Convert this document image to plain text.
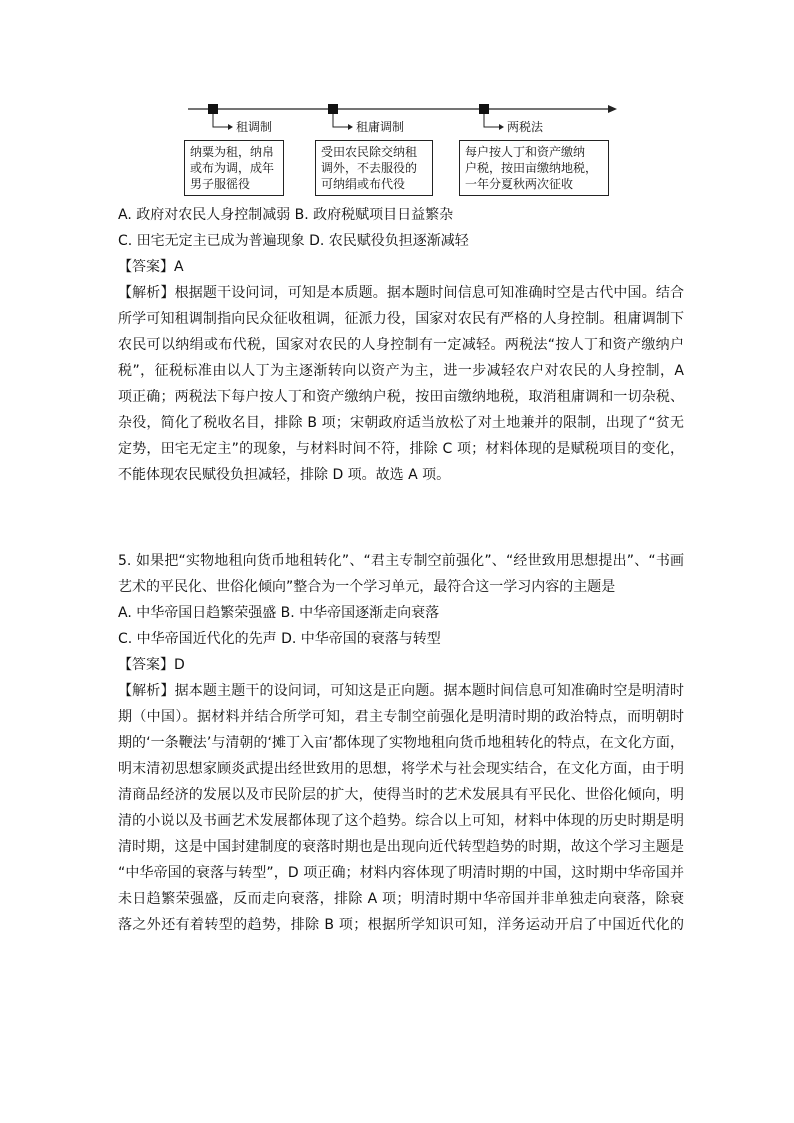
租调制	租庸调制	两税法
纳粟为租，纳帛
或布为调，成年
男子服徭役
受田农民除交纳租
调外，不去服役的
可纳绢或布代役
每户按人丁和资产缴纳
户税，按田亩缴纳地税，
一年分夏秋两次征收
A. 政府对农民人身控制减弱 B. 政府税赋项目日益繁杂
C. 田宅无定主已成为普遍现象 D. 农民赋役负担逐渐减轻
【答案】A
【解析】根据题干设问词，可知是本质题。据本题时间信息可知准确时空是古代中国。结合
所学可知租调制指向民众征收租调，征派力役，国家对农民有严格的人身控制。租庸调制下
农民可以纳绢或布代税，国家对农民的人身控制有一定减轻。两税法“按人丁和资产缴纳户
税”，征税标准由以人丁为主逐渐转向以资产为主，进一步减轻农户对农民的人身控制，A
项正确；两税法下每户按人丁和资产缴纳户税，按田亩缴纳地税，取消租庸调和一切杂税、
杂役，简化了税收名目，排除 B 项；宋朝政府适当放松了对土地兼并的限制，出现了“贫无
定势，田宅无定主”的现象，与材料时间不符，排除 C 项；材料体现的是赋税项目的变化，
不能体现农民赋役负担减轻，排除 D 项。故选 A 项。
5. 如果把“实物地租向货币地租转化”、“君主专制空前强化”、“经世致用思想提出”、“书画
艺术的平民化、世俗化倾向”整合为一个学习单元，最符合这一学习内容的主题是
A. 中华帝国日趋繁荣强盛 B. 中华帝国逐渐走向衰落
C. 中华帝国近代化的先声 D. 中华帝国的衰落与转型
【答案】D
【解析】据本题主题干的设问词，可知这是正向题。据本题时间信息可知准确时空是明清时
期（中国）。据材料并结合所学可知，君主专制空前强化是明清时期的政治特点，而明朝时
期的‘一条鞭法’与清朝的‘摊丁入亩’都体现了实物地租向货币地租转化的特点，在文化方面，
明末清初思想家顾炎武提出经世致用的思想，将学术与社会现实结合，在文化方面，由于明
清商品经济的发展以及市民阶层的扩大，使得当时的艺术发展具有平民化、世俗化倾向，明
清的小说以及书画艺术发展都体现了这个趋势。综合以上可知，材料中体现的历史时期是明
清时期，这是中国封建制度的衰落时期也是出现向近代转型趋势的时期，故这个学习主题是
“中华帝国的衰落与转型”，D 项正确；材料内容体现了明清时期的中国，这时期中华帝国并
未日趋繁荣强盛，反而走向衰落，排除 A 项；明清时期中华帝国并非单独走向衰落，除衰
落之外还有着转型的趋势，排除 B 项；根据所学知识可知，洋务运动开启了中国近代化的
